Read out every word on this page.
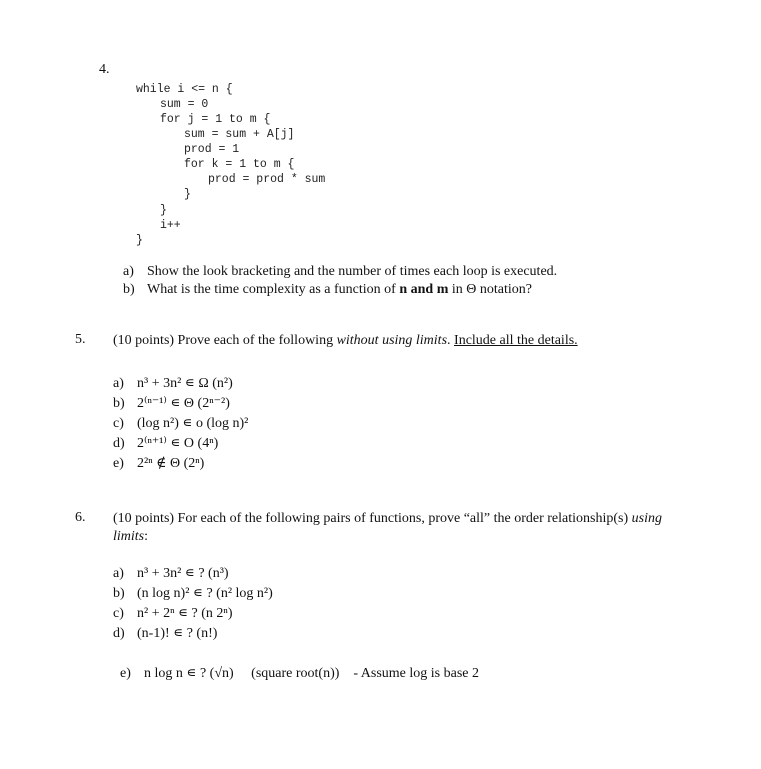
4.
while i <= n {
sum = 0
for j = 1 to m {
sum = sum + A[j]
prod = 1
for k = 1 to m {
prod = prod * sum
}
}
i++
}
a) Show the look bracketing and the number of times each loop is executed.
b) What is the time complexity as a function of n and m in Θ notation?
5. (10 points) Prove each of the following without using limits. Include all the details.
a) n³ + 3n² ∊ Ω (n²)
b) 2⁽ⁿ⁻¹⁾ ∊ Θ (2ⁿ⁻²)
c) (log n²) ∊ o (log n)²
d) 2⁽ⁿ⁺¹⁾ ∊ O (4ⁿ)
e) 2²ⁿ ∉ Θ (2ⁿ)
6. (10 points) For each of the following pairs of functions, prove “all” the order relationship(s) using
limits:
a) n³ + 3n² ∊ ? (n³)
b) (n log n)² ∊ ? (n² log n²)
c) n² + 2ⁿ ∊ ? (n 2ⁿ)
d) (n-1)! ∊ ? (n!)

e) n log n ∊ ? (√n)     (square root(n))    - Assume log is base 2
